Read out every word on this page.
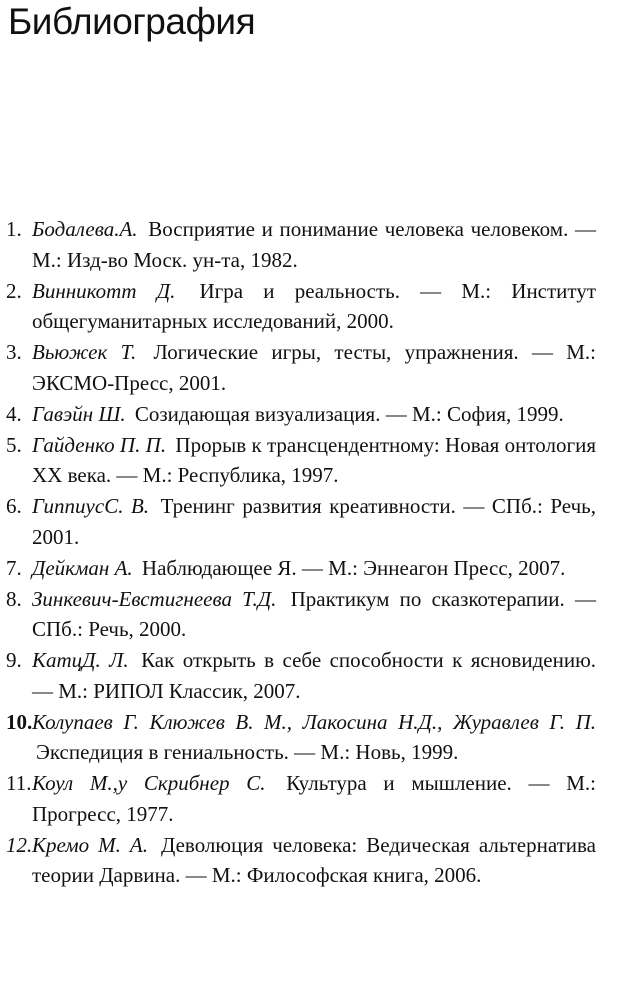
Библиография
1. Бодалева.А. Восприятие и понимание человека человеком. — М.: Изд-во Моск. ун-та, 1982.
2. Винникотт Д. Игра и реальность. — М.: Институт общегуманитарных исследований, 2000.
3. Вьюжек Т. Логические игры, тесты, упражнения. — М.: ЭКСМО-Пресс, 2001.
4. Гавэйн Ш. Созидающая визуализация. — М.: София, 1999.
5. Гайденко П. П. Прорыв к трансцендентному: Новая онтология XX века. — М.: Республика, 1997.
6. ГиппиусС. В. Тренинг развития креативности. — СПб.: Речь, 2001.
7. Дейкман А. Наблюдающее Я. — М.: Эннеагон Пресс, 2007.
8. Зинкевич-Евстигнеева Т.Д. Практикум по сказкотерапии. — СПб.: Речь, 2000.
9. КатцД. Л. Как открыть в себе способности к ясновидению. — М.: РИПОЛ Классик, 2007.
10. Колупаев Г. Клюжев В. М., Лакосина Н.Д., Журавлев Г. П. Экспедиция в гениальность. — М.: Новь, 1999.
11. Коул М.,у Скрибнер С. Культура и мышление. — М.: Прогресс, 1977.
12. Кремо М. А. Деволюция человека: Ведическая альтернатива теории Дарвина. — М.: Философская книга, 2006.
